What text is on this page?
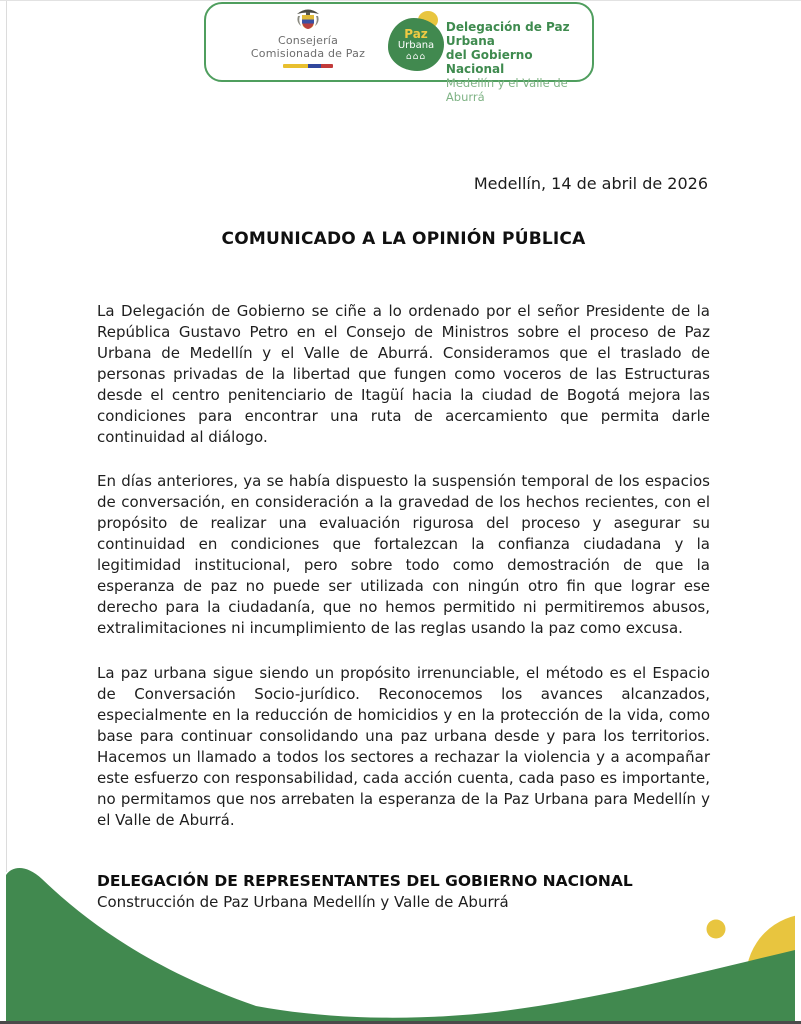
Consejería
Comisionada de Paz
Paz
Urbana
⌂⌂⌂
Delegación de Paz Urbana
del Gobierno Nacional
Medellín y el Valle de Aburrá
Medellín, 14 de abril de 2026
COMUNICADO A LA OPINIÓN PÚBLICA

La Delegación de Gobierno se ciñe a lo ordenado por el señor Presidente de la República Gustavo Petro en el Consejo de Ministros sobre el proceso de Paz Urbana de Medellín y el Valle de Aburrá. Consideramos que el traslado de personas privadas de la libertad que fungen como voceros de las Estructuras desde el centro penitenciario de Itagüí hacia la ciudad de Bogotá mejora las condiciones para encontrar una ruta de acercamiento que permita darle continuidad al diálogo.

En días anteriores, ya se había dispuesto la suspensión temporal de los espacios de conversación, en consideración a la gravedad de los hechos recientes, con el propósito de realizar una evaluación rigurosa del proceso y asegurar su continuidad en condiciones que fortalezcan la confianza ciudadana y la legitimidad institucional, pero sobre todo como demostración de que la esperanza de paz no puede ser utilizada con ningún otro fin que lograr ese derecho para la ciudadanía, que no hemos permitido ni permitiremos abusos, extralimitaciones ni incumplimiento de las reglas usando la paz como excusa.

La paz urbana sigue siendo un propósito irrenunciable, el método es el Espacio de Conversación Socio-jurídico. Reconocemos los avances alcanzados, especialmente en la reducción de homicidios y en la protección de la vida, como base para continuar consolidando una paz urbana desde y para los territorios. Hacemos un llamado a todos los sectores a rechazar la violencia y a acompañar este esfuerzo con responsabilidad, cada acción cuenta, cada paso es importante, no permitamos que nos arrebaten la esperanza de la Paz Urbana para Medellín y el Valle de Aburrá.

DELEGACIÓN DE REPRESENTANTES DEL GOBIERNO NACIONAL
Construcción de Paz Urbana Medellín y Valle de Aburrá
